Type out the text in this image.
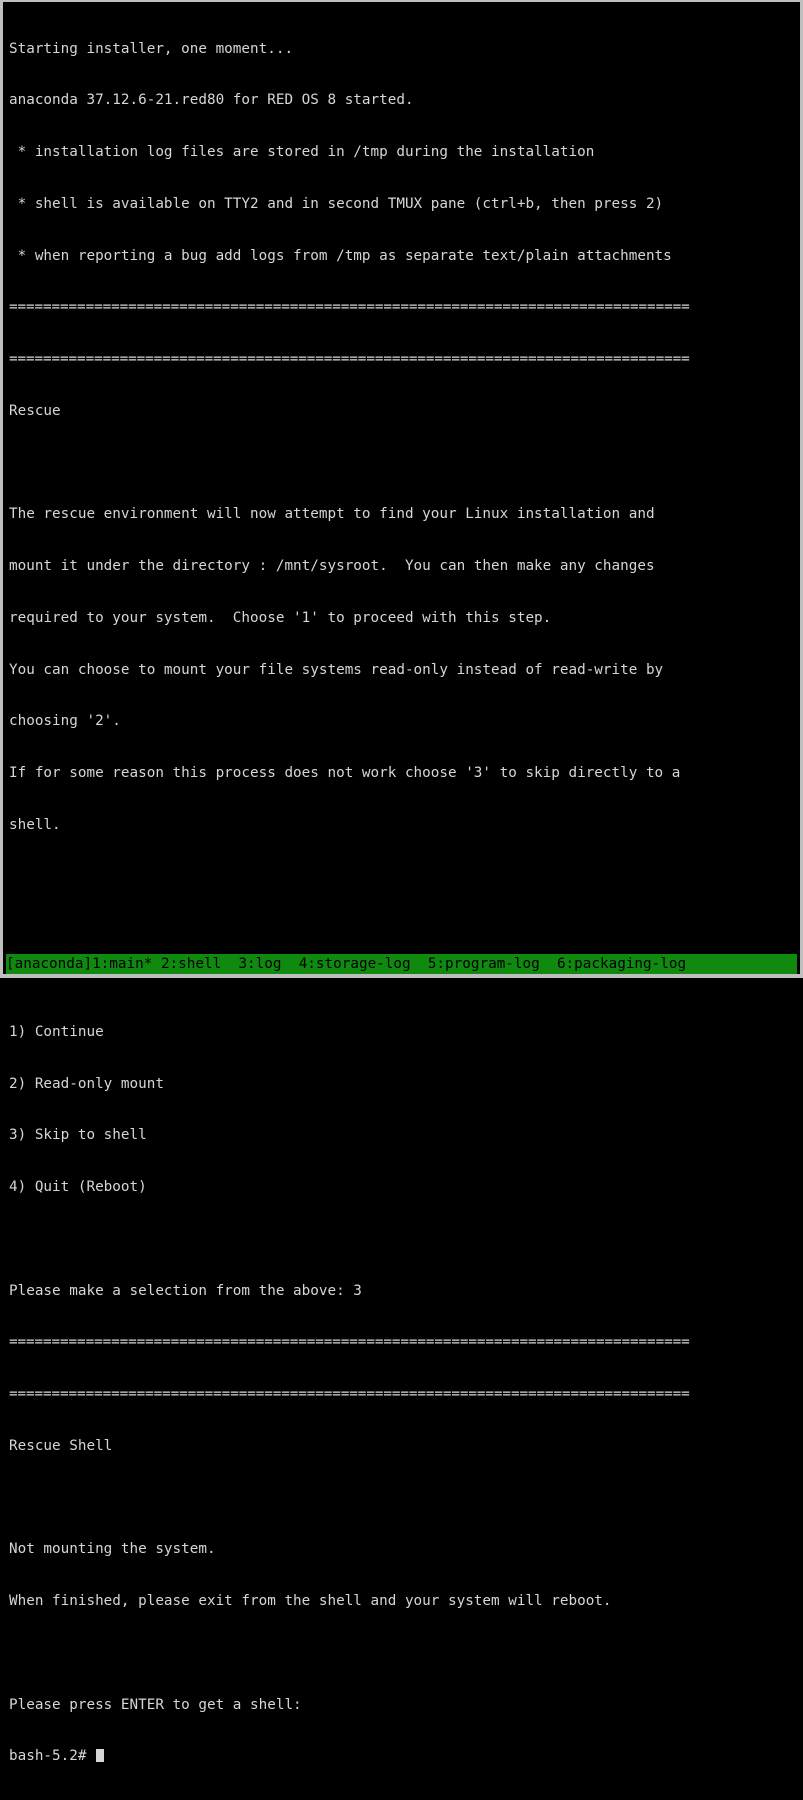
Starting installer, one moment...

anaconda 37.12.6-21.red80 for RED OS 8 started.

* installation log files are stored in /tmp during the installation

* shell is available on TTY2 and in second TMUX pane (ctrl+b, then press 2)

* when reporting a bug add logs from /tmp as separate text/plain attachments

================================================================================

================================================================================

Rescue

The rescue environment will now attempt to find your Linux installation and

mount it under the directory : /mnt/sysroot.  You can then make any changes

required to your system.  Choose '1' to proceed with this step.

You can choose to mount your file systems read-only instead of read-write by

choosing '2'.

If for some reason this process does not work choose '3' to skip directly to a

shell.

1) Continue

2) Read-only mount

3) Skip to shell

4) Quit (Reboot)

Please make a selection from the above: 3

================================================================================

================================================================================

Rescue Shell

Not mounting the system.

When finished, please exit from the shell and your system will reboot.

Please press ENTER to get a shell:

bash-5.2#

[anaconda] 1:main*
2:shell
3:log
4:storage-log
5:program-log
6:packaging-log
